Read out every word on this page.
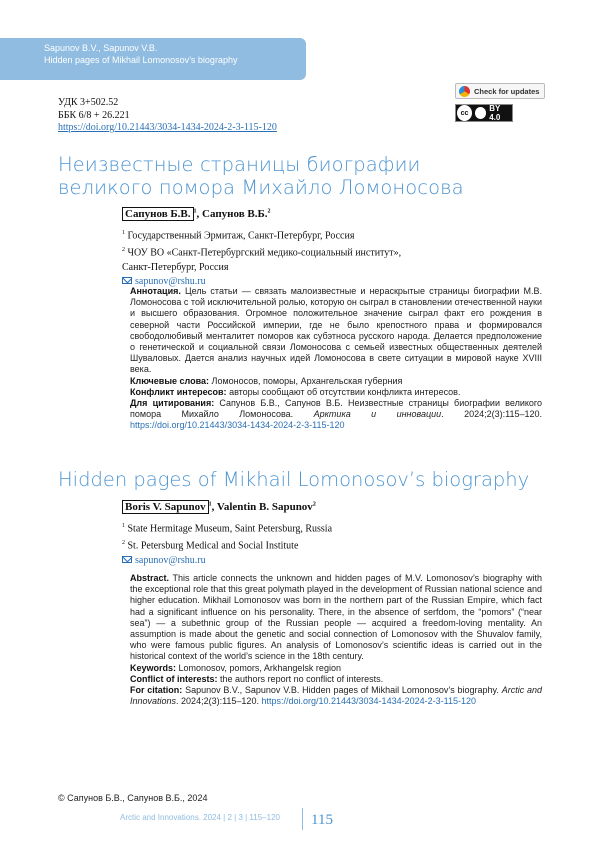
Sapunov B.V., Sapunov V.B.
Hidden pages of Mikhail Lomonosov’s biography
Check for updates
cc	BY 4.0
УДК 3+502.52
ББК 6/8 + 26.221
https://doi.org/10.21443/3034-1434-2024-2-3-115-120
Неизвестные страницы биографии
великого помора Михайло Ломоносова
Сапунов Б.В. $^1$, Сапунов В.Б.$^2$
$^1$ Государственный Эрмитаж, Санкт-Петербург, Россия
$^2$ ЧОУ ВО «Санкт-Петербургский медико-социальный институт»,
Санкт-Петербург, Россия
sapunov@rshu.ru

Аннотация. Цель статьи — связать малоизвестные и нераскрытые страницы биографии М.В. Ломоносова с той исключительной ролью, которую он сыграл в становлении отечественной науки и высшего образования. Огромное положительное значение сыграл факт его рождения в северной части Российской империи, где не было крепостного права и формировался свободолюбивый менталитет поморов как субэтноса русского народа. Делается предположение о генетической и социальной связи Ломоносова с семьей известных общественных деятелей Шуваловых. Дается анализ научных идей Ломоносова в свете ситуации в мировой науке XVIII века.

Ключевые слова: Ломоносов, поморы, Архангельская губерния

Конфликт интересов: авторы сообщают об отсутствии конфликта интересов.

Для цитирования: Сапунов Б.В., Сапунов В.Б. Неизвестные страницы биографии великого помора Михайло Ломоносова. Арктика и инновации. 2024;2(3):115–120. https://doi.org/10.21443/3034-1434-2024-2-3-115-120

Hidden pages of Mikhail Lomonosov’s biography
Boris V. Sapunov $^1$, Valentin B. Sapunov$^2$
$^1$ State Hermitage Museum, Saint Petersburg, Russia
$^2$ St. Petersburg Medical and Social Institute
sapunov@rshu.ru

Abstract. This article connects the unknown and hidden pages of M.V. Lomonosov’s biography with the exceptional role that this great polymath played in the development of Russian national science and higher education. Mikhail Lomonosov was born in the northern part of the Russian Empire, which fact had a significant influence on his personality. There, in the absence of serfdom, the “pomors” (“near sea”) — a subethnic group of the Russian people — acquired a freedom-loving mentality. An assumption is made about the genetic and social connection of Lomonosov with the Shuvalov family, who were famous public figures. An analysis of Lomonosov’s scientific ideas is carried out in the historical context of the world’s science in the 18th century.

Keywords: Lomonosov, pomors, Arkhangelsk region

Conflict of interests: the authors report no conflict of interests.

For citation: Sapunov B.V., Sapunov V.B. Hidden pages of Mikhail Lomonosov’s biography. Arctic and Innovations. 2024;2(3):115–120. https://doi.org/10.21443/3034-1434-2024-2-3-115-120

© Сапунов Б.В., Сапунов В.Б., 2024
Arctic and Innovations. 2024 | 2 | 3 | 115–120 115
